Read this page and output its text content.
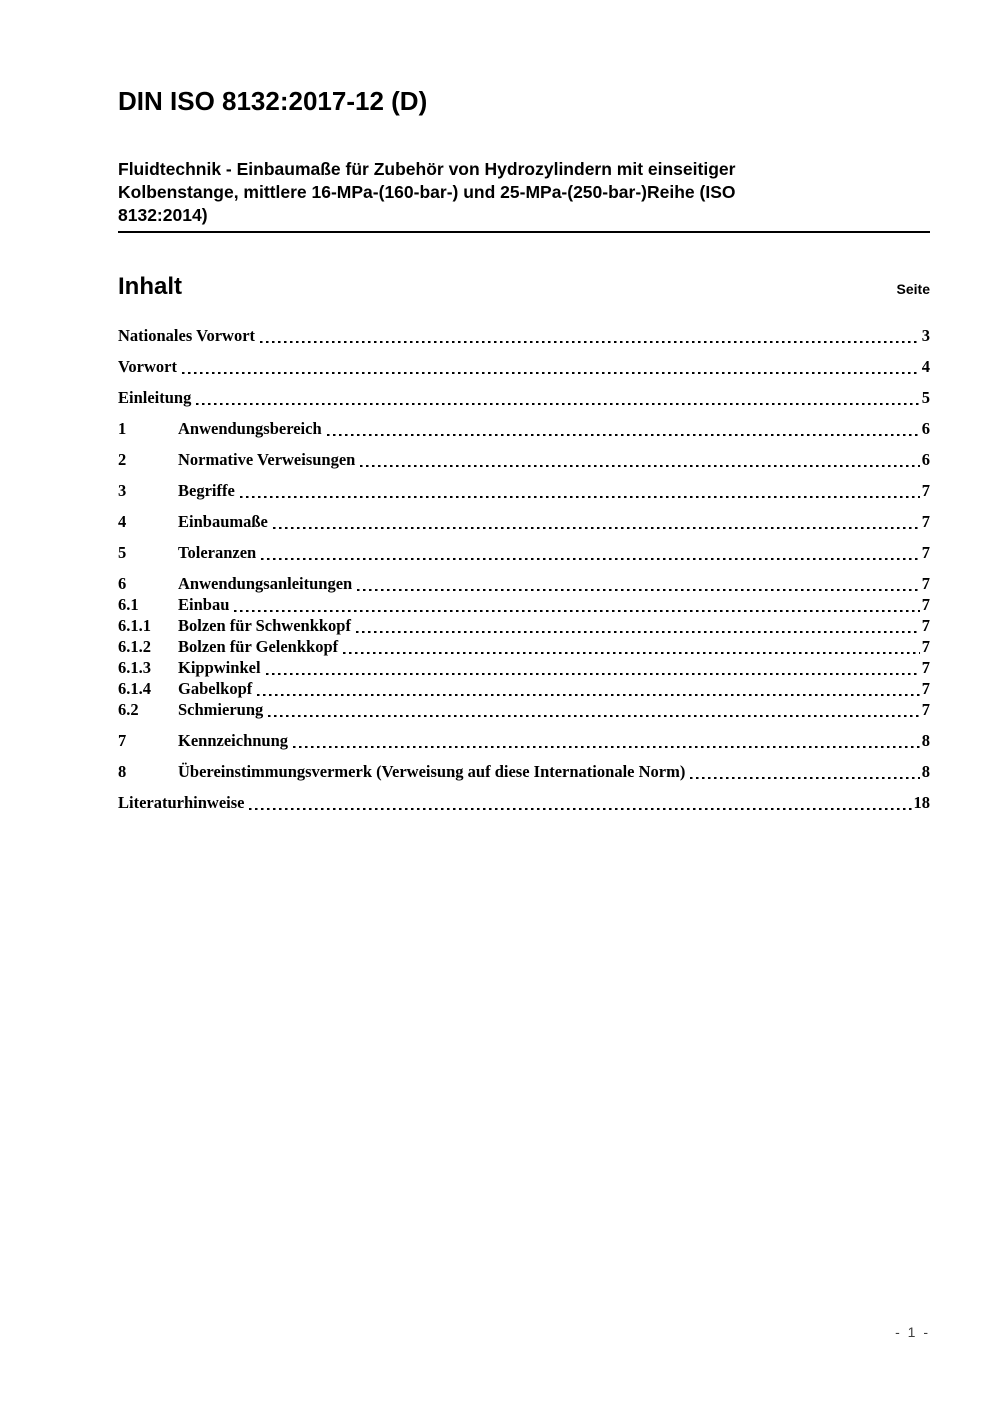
DIN ISO 8132:2017-12 (D)
Fluidtechnik - Einbaumaße für Zubehör von Hydrozylindern mit einseitiger
Kolbenstange, mittlere 16-MPa-(160-bar-) und 25-MPa-(250-bar-)Reihe (ISO
8132:2014)
Inhalt	Seite
Nationales Vorwort	3
Vorwort	4
Einleitung	5
1	Anwendungsbereich	6
2	Normative Verweisungen	6
3	Begriffe	7
4	Einbaumaße	7
5	Toleranzen	7
6	Anwendungsanleitungen	7
6.1	Einbau	7
6.1.1	Bolzen für Schwenkkopf	7
6.1.2	Bolzen für Gelenkkopf	7
6.1.3	Kippwinkel	7
6.1.4	Gabelkopf	7
6.2	Schmierung	7
7	Kennzeichnung	8
8	Übereinstimmungsvermerk (Verweisung auf diese Internationale Norm)	8
Literaturhinweise	18
- 1 -
